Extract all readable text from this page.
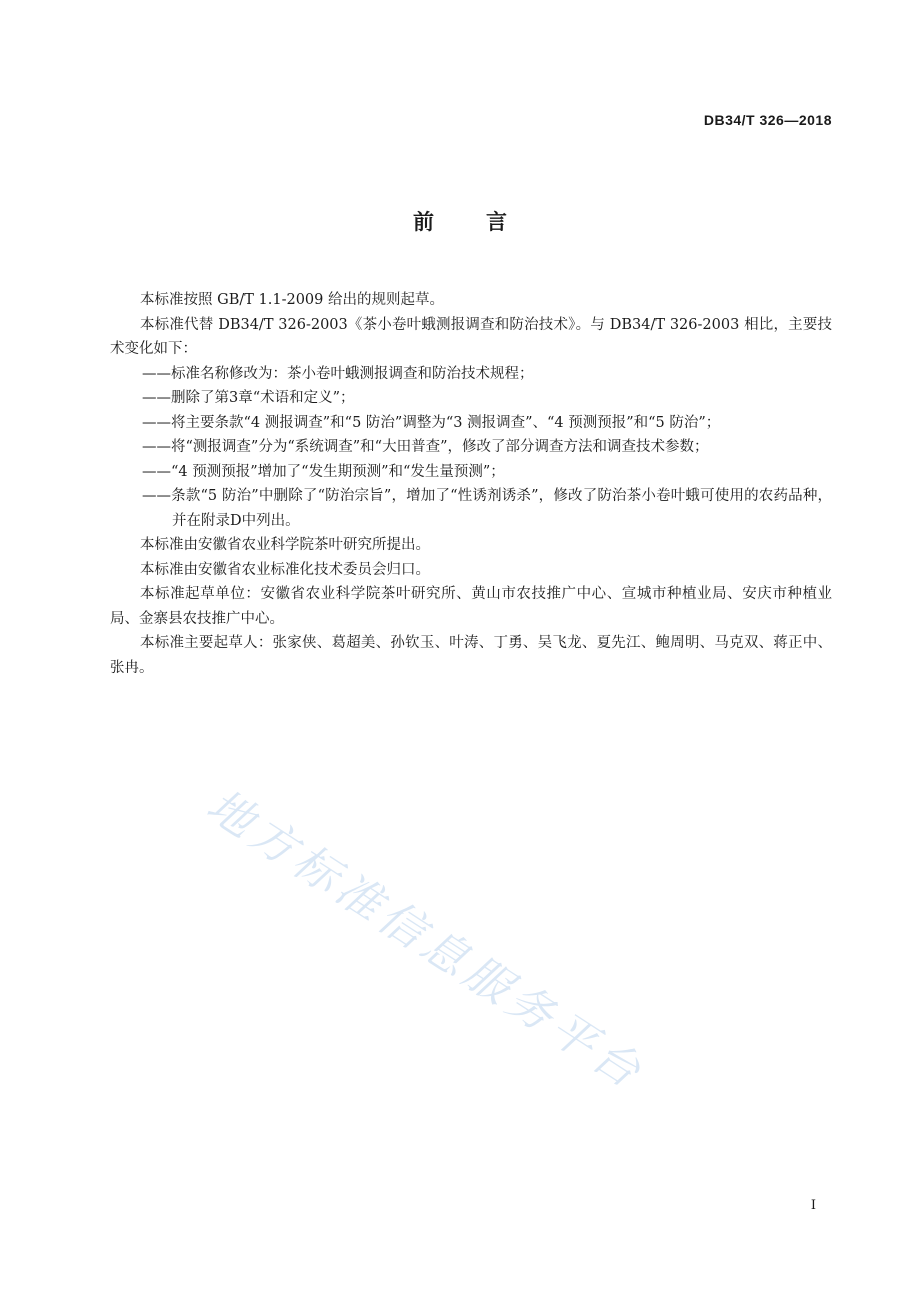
DB34/T 326—2018
前 言

本标准按照 GB/T 1.1-2009 给出的规则起草。

本标准代替 DB34/T 326-2003《茶小卷叶蛾测报调查和防治技术》。与 DB34/T 326-2003 相比，主要技术变化如下：

——标准名称修改为：茶小卷叶蛾测报调查和防治技术规程；

——删除了第3章“术语和定义”；

——将主要条款“4 测报调查”和“5 防治”调整为“3 测报调查”、“4 预测预报”和“5 防治”；

——将“测报调查”分为“系统调查”和“大田普查”，修改了部分调查方法和调查技术参数；

——“4 预测预报”增加了“发生期预测”和“发生量预测”；

——条款“5 防治”中删除了“防治宗旨”，增加了“性诱剂诱杀”，修改了防治茶小卷叶蛾可使用的农药品种，并在附录D中列出。

本标准由安徽省农业科学院茶叶研究所提出。

本标准由安徽省农业标准化技术委员会归口。

本标准起草单位：安徽省农业科学院茶叶研究所、黄山市农技推广中心、宣城市种植业局、安庆市种植业局、金寨县农技推广中心。

本标准主要起草人：张家侠、葛超美、孙钦玉、叶涛、丁勇、吴飞龙、夏先江、鲍周明、马克双、蒋正中、张冉。

地方标准信息服务平台
I
